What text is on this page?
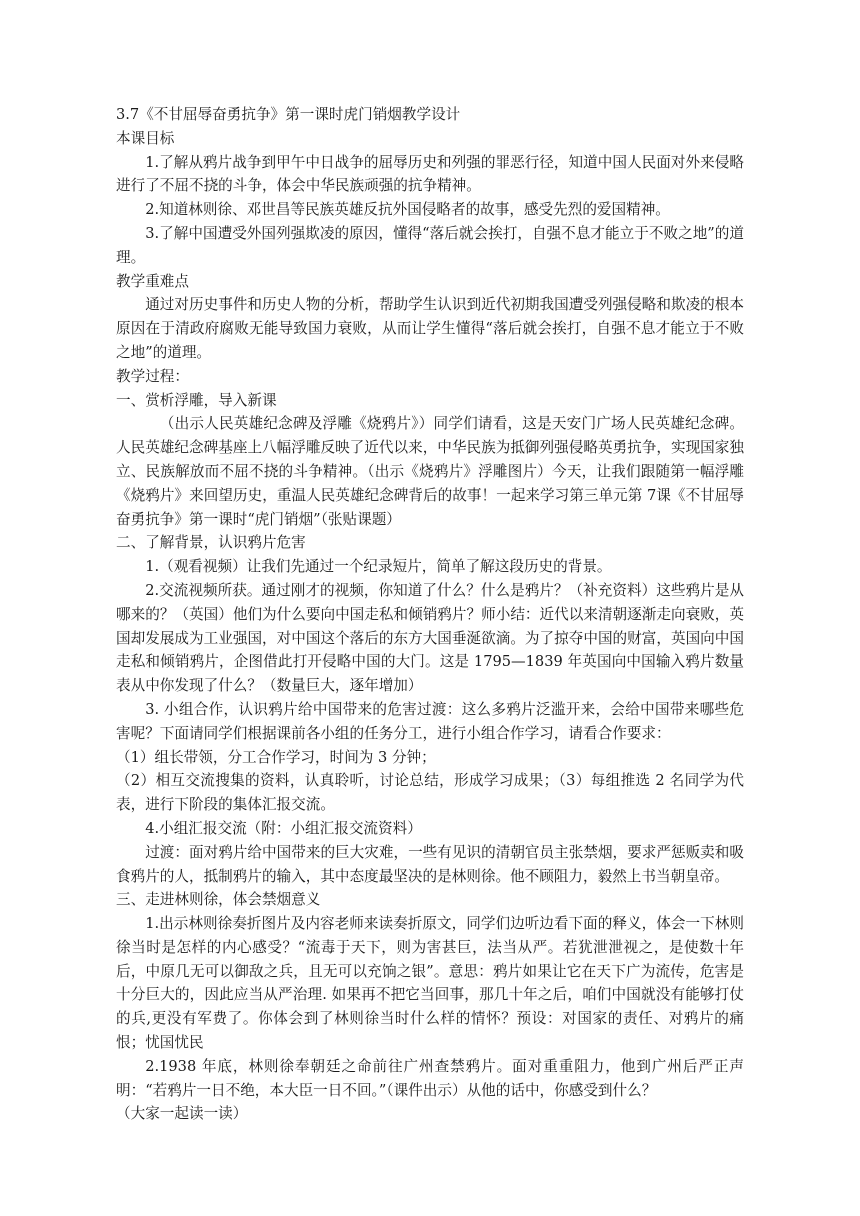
3.7《不甘屈辱奋勇抗争》第一课时虎门销烟教学设计

本课目标

1.了解从鸦片战争到甲午中日战争的屈辱历史和列强的罪恶行径，知道中国人民面对外来侵略进行了不屈不挠的斗争，体会中华民族顽强的抗争精神。

2.知道林则徐、邓世昌等民族英雄反抗外国侵略者的故事，感受先烈的爱国精神。

3.了解中国遭受外国列强欺凌的原因，懂得“落后就会挨打，自强不息才能立于不败之地”的道理。

教学重难点

通过对历史事件和历史人物的分析，帮助学生认识到近代初期我国遭受列强侵略和欺凌的根本原因在于清政府腐败无能导致国力衰败，从而让学生懂得“落后就会挨打，自强不息才能立于不败之地”的道理。

教学过程：

一、赏析浮雕，导入新课

（出示人民英雄纪念碑及浮雕《烧鸦片》）同学们请看，这是天安门广场人民英雄纪念碑。人民英雄纪念碑基座上八幅浮雕反映了近代以来，中华民族为抵御列强侵略英勇抗争，实现国家独立、民族解放而不屈不挠的斗争精神。（出示《烧鸦片》浮雕图片）今天，让我们跟随第一幅浮雕《烧鸦片》来回望历史，重温人民英雄纪念碑背后的故事！一起来学习第三单元第 7课《不甘屈辱奋勇抗争》第一课时“虎门销烟”（张贴课题）

二、了解背景，认识鸦片危害

1.（观看视频）让我们先通过一个纪录短片，简单了解这段历史的背景。

2.交流视频所获。通过刚才的视频，你知道了什么？什么是鸦片？（补充资料）这些鸦片是从哪来的？（英国）他们为什么要向中国走私和倾销鸦片？师小结：近代以来清朝逐渐走向衰败，英国却发展成为工业强国，对中国这个落后的东方大国垂涎欲滴。为了掠夺中国的财富，英国向中国走私和倾销鸦片，企图借此打开侵略中国的大门。这是 1795—1839 年英国向中国输入鸦片数量表从中你发现了什么？（数量巨大，逐年增加）

3. 小组合作，认识鸦片给中国带来的危害过渡：这么多鸦片泛滥开来，会给中国带来哪些危害呢？下面请同学们根据课前各小组的任务分工，进行小组合作学习，请看合作要求：

（1）组长带领，分工合作学习，时间为 3 分钟；

（2）相互交流搜集的资料，认真聆听，讨论总结，形成学习成果；（3）每组推选 2 名同学为代表，进行下阶段的集体汇报交流。

4.小组汇报交流（附：小组汇报交流资料）

过渡：面对鸦片给中国带来的巨大灾难，一些有见识的清朝官员主张禁烟，要求严惩贩卖和吸食鸦片的人，抵制鸦片的输入，其中态度最坚决的是林则徐。他不顾阻力，毅然上书当朝皇帝。

三、走进林则徐，体会禁烟意义

1.出示林则徐奏折图片及内容老师来读奏折原文，同学们边听边看下面的释义，体会一下林则徐当时是怎样的内心感受？“流毒于天下，则为害甚巨，法当从严。若犹泄泄视之，是使数十年后，中原几无可以御敌之兵，且无可以充饷之银”。意思：鸦片如果让它在天下广为流传，危害是十分巨大的，因此应当从严治理. 如果再不把它当回事，那几十年之后，咱们中国就没有能够打仗的兵,更没有军费了。你体会到了林则徐当时什么样的情怀？预设：对国家的责任、对鸦片的痛恨；忧国忧民

2.1938 年底，林则徐奉朝廷之命前往广州查禁鸦片。面对重重阻力，他到广州后严正声明：“若鸦片一日不绝，本大臣一日不回。”（课件出示）从他的话中，你感受到什么？

（大家一起读一读）
